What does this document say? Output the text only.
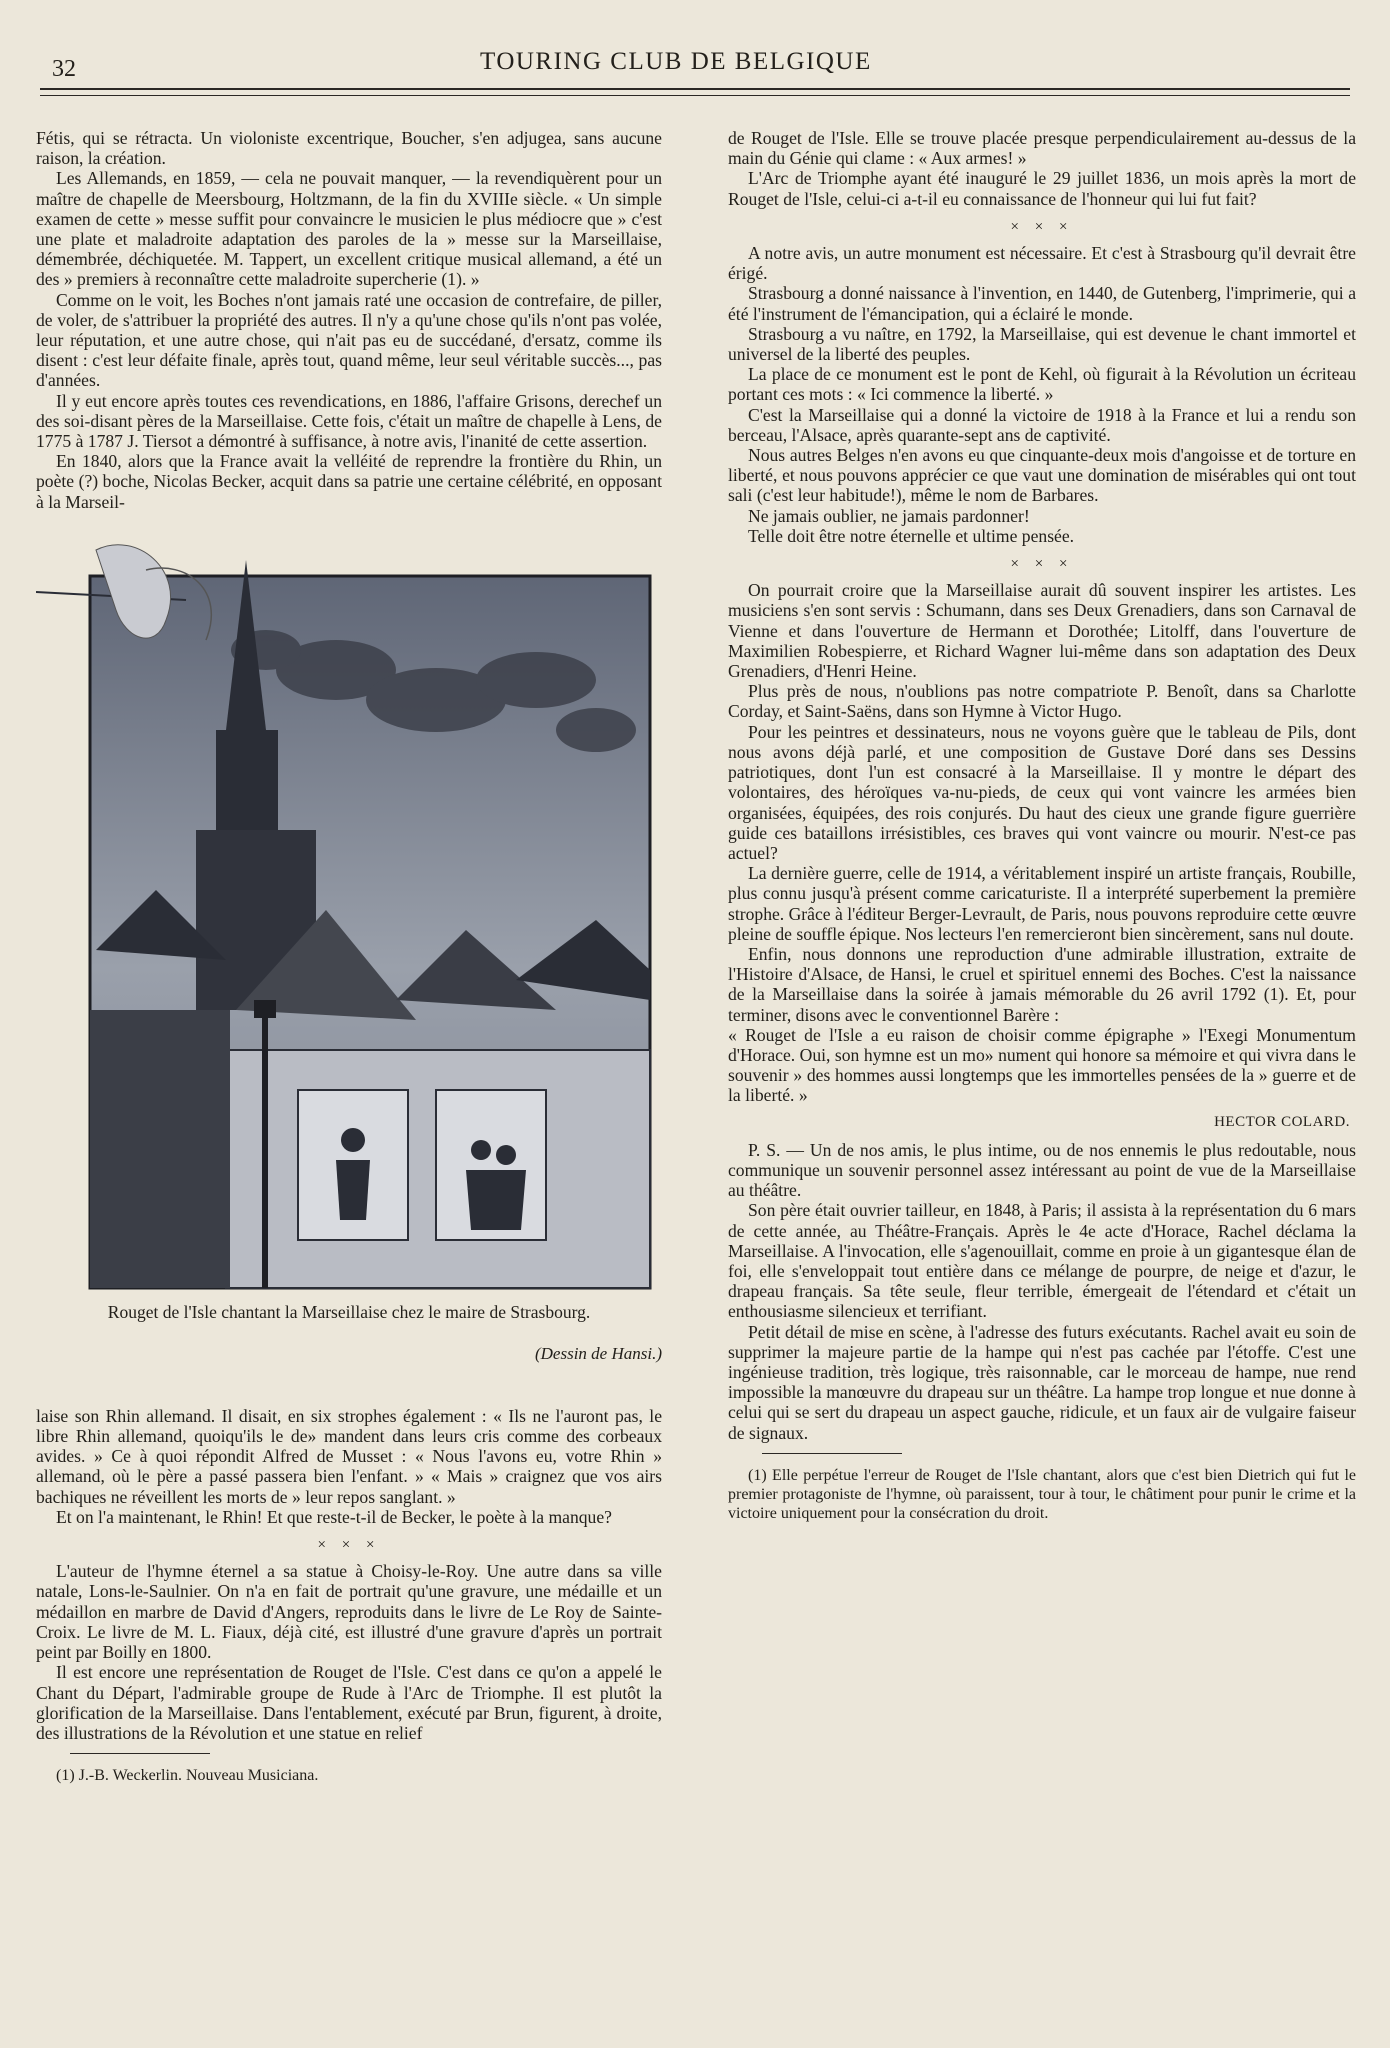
32	TOURING CLUB DE BELGIQUE

Fétis, qui se rétracta. Un violoniste excentrique, Boucher, s'en adjugea, sans aucune raison, la création.

Les Allemands, en 1859, — cela ne pouvait manquer, — la revendiquèrent pour un maître de chapelle de Meersbourg, Holtzmann, de la fin du XVIIIe siècle. « Un simple examen de cette » messe suffit pour convaincre le musicien le plus médiocre que » c'est une plate et maladroite adaptation des paroles de la » messe sur la Marseillaise, démembrée, déchiquetée. M. Tappert, un excellent critique musical allemand, a été un des » premiers à reconnaître cette maladroite supercherie (1). »

Comme on le voit, les Boches n'ont jamais raté une occasion de contrefaire, de piller, de voler, de s'attribuer la propriété des autres. Il n'y a qu'une chose qu'ils n'ont pas volée, leur réputation, et une autre chose, qui n'ait pas eu de succédané, d'ersatz, comme ils disent : c'est leur défaite finale, après tout, quand même, leur seul véritable succès..., pas d'années.

Il y eut encore après toutes ces revendications, en 1886, l'affaire Grisons, derechef un des soi-disant pères de la Marseillaise. Cette fois, c'était un maître de chapelle à Lens, de 1775 à 1787 J. Tiersot a démontré à suffisance, à notre avis, l'inanité de cette assertion.

En 1840, alors que la France avait la velléité de reprendre la frontière du Rhin, un poète (?) boche, Nicolas Becker, acquit dans sa patrie une certaine célébrité, en opposant à la Marseil-

Rouget de l'Isle chantant la Marseillaise chez le maire de Strasbourg.
(Dessin de Hansi.)

laise son Rhin allemand. Il disait, en six strophes également : « Ils ne l'auront pas, le libre Rhin allemand, quoiqu'ils le de» mandent dans leurs cris comme des corbeaux avides. » Ce à quoi répondit Alfred de Musset : « Nous l'avons eu, votre Rhin » allemand, où le père a passé passera bien l'enfant. » « Mais » craignez que vos airs bachiques ne réveillent les morts de » leur repos sanglant. »

Et on l'a maintenant, le Rhin! Et que reste-t-il de Becker, le poète à la manque?

× × ×

L'auteur de l'hymne éternel a sa statue à Choisy-le-Roy. Une autre dans sa ville natale, Lons-le-Saulnier. On n'a en fait de portrait qu'une gravure, une médaille et un médaillon en marbre de David d'Angers, reproduits dans le livre de Le Roy de Sainte-Croix. Le livre de M. L. Fiaux, déjà cité, est illustré d'une gravure d'après un portrait peint par Boilly en 1800.

Il est encore une représentation de Rouget de l'Isle. C'est dans ce qu'on a appelé le Chant du Départ, l'admirable groupe de Rude à l'Arc de Triomphe. Il est plutôt la glorification de la Marseillaise. Dans l'entablement, exécuté par Brun, figurent, à droite, des illustrations de la Révolution et une statue en relief

(1) J.-B. Weckerlin. Nouveau Musiciana.

de Rouget de l'Isle. Elle se trouve placée presque perpendiculairement au-dessus de la main du Génie qui clame : « Aux armes! »

L'Arc de Triomphe ayant été inauguré le 29 juillet 1836, un mois après la mort de Rouget de l'Isle, celui-ci a-t-il eu connaissance de l'honneur qui lui fut fait?

× × ×

A notre avis, un autre monument est nécessaire. Et c'est à Strasbourg qu'il devrait être érigé.

Strasbourg a donné naissance à l'invention, en 1440, de Gutenberg, l'imprimerie, qui a été l'instrument de l'émancipation, qui a éclairé le monde.

Strasbourg a vu naître, en 1792, la Marseillaise, qui est devenue le chant immortel et universel de la liberté des peuples.

La place de ce monument est le pont de Kehl, où figurait à la Révolution un écriteau portant ces mots : « Ici commence la liberté. »

C'est la Marseillaise qui a donné la victoire de 1918 à la France et lui a rendu son berceau, l'Alsace, après quarante-sept ans de captivité.

Nous autres Belges n'en avons eu que cinquante-deux mois d'angoisse et de torture en liberté, et nous pouvons apprécier ce que vaut une domination de misérables qui ont tout sali (c'est leur habitude!), même le nom de Barbares.

Ne jamais oublier, ne jamais pardonner!

Telle doit être notre éternelle et ultime pensée.

× × ×

On pourrait croire que la Marseillaise aurait dû souvent inspirer les artistes. Les musiciens s'en sont servis : Schumann, dans ses Deux Grenadiers, dans son Carnaval de Vienne et dans l'ouverture de Hermann et Dorothée; Litolff, dans l'ouverture de Maximilien Robespierre, et Richard Wagner lui-même dans son adaptation des Deux Grenadiers, d'Henri Heine.

Plus près de nous, n'oublions pas notre compatriote P. Benoît, dans sa Charlotte Corday, et Saint-Saëns, dans son Hymne à Victor Hugo.

Pour les peintres et dessinateurs, nous ne voyons guère que le tableau de Pils, dont nous avons déjà parlé, et une composition de Gustave Doré dans ses Dessins patriotiques, dont l'un est consacré à la Marseillaise. Il y montre le départ des volontaires, des héroïques va-nu-pieds, de ceux qui vont vaincre les armées bien organisées, équipées, des rois conjurés. Du haut des cieux une grande figure guerrière guide ces bataillons irrésistibles, ces braves qui vont vaincre ou mourir. N'est-ce pas actuel?

La dernière guerre, celle de 1914, a véritablement inspiré un artiste français, Roubille, plus connu jusqu'à présent comme caricaturiste. Il a interprété superbement la première strophe. Grâce à l'éditeur Berger-Levrault, de Paris, nous pouvons reproduire cette œuvre pleine de souffle épique. Nos lecteurs l'en remercieront bien sincèrement, sans nul doute.

Enfin, nous donnons une reproduction d'une admirable illustration, extraite de l'Histoire d'Alsace, de Hansi, le cruel et spirituel ennemi des Boches. C'est la naissance de la Marseillaise dans la soirée à jamais mémorable du 26 avril 1792 (1). Et, pour terminer, disons avec le conventionnel Barère :

« Rouget de l'Isle a eu raison de choisir comme épigraphe » l'Exegi Monumentum d'Horace. Oui, son hymne est un mo» nument qui honore sa mémoire et qui vivra dans le souvenir » des hommes aussi longtemps que les immortelles pensées de la » guerre et de la liberté. »

HECTOR COLARD.

P. S. — Un de nos amis, le plus intime, ou de nos ennemis le plus redoutable, nous communique un souvenir personnel assez intéressant au point de vue de la Marseillaise au théâtre.

Son père était ouvrier tailleur, en 1848, à Paris; il assista à la représentation du 6 mars de cette année, au Théâtre-Français. Après le 4e acte d'Horace, Rachel déclama la Marseillaise. A l'invocation, elle s'agenouillait, comme en proie à un gigantesque élan de foi, elle s'enveloppait tout entière dans ce mélange de pourpre, de neige et d'azur, le drapeau français. Sa tête seule, fleur terrible, émergeait de l'étendard et c'était un enthousiasme silencieux et terrifiant.

Petit détail de mise en scène, à l'adresse des futurs exécutants. Rachel avait eu soin de supprimer la majeure partie de la hampe qui n'est pas cachée par l'étoffe. C'est une ingénieuse tradition, très logique, très raisonnable, car le morceau de hampe, nue rend impossible la manœuvre du drapeau sur un théâtre. La hampe trop longue et nue donne à celui qui se sert du drapeau un aspect gauche, ridicule, et un faux air de vulgaire faiseur de signaux.

(1) Elle perpétue l'erreur de Rouget de l'Isle chantant, alors que c'est bien Dietrich qui fut le premier protagoniste de l'hymne, où paraissent, tour à tour, le châtiment pour punir le crime et la victoire uniquement pour la consécration du droit.
